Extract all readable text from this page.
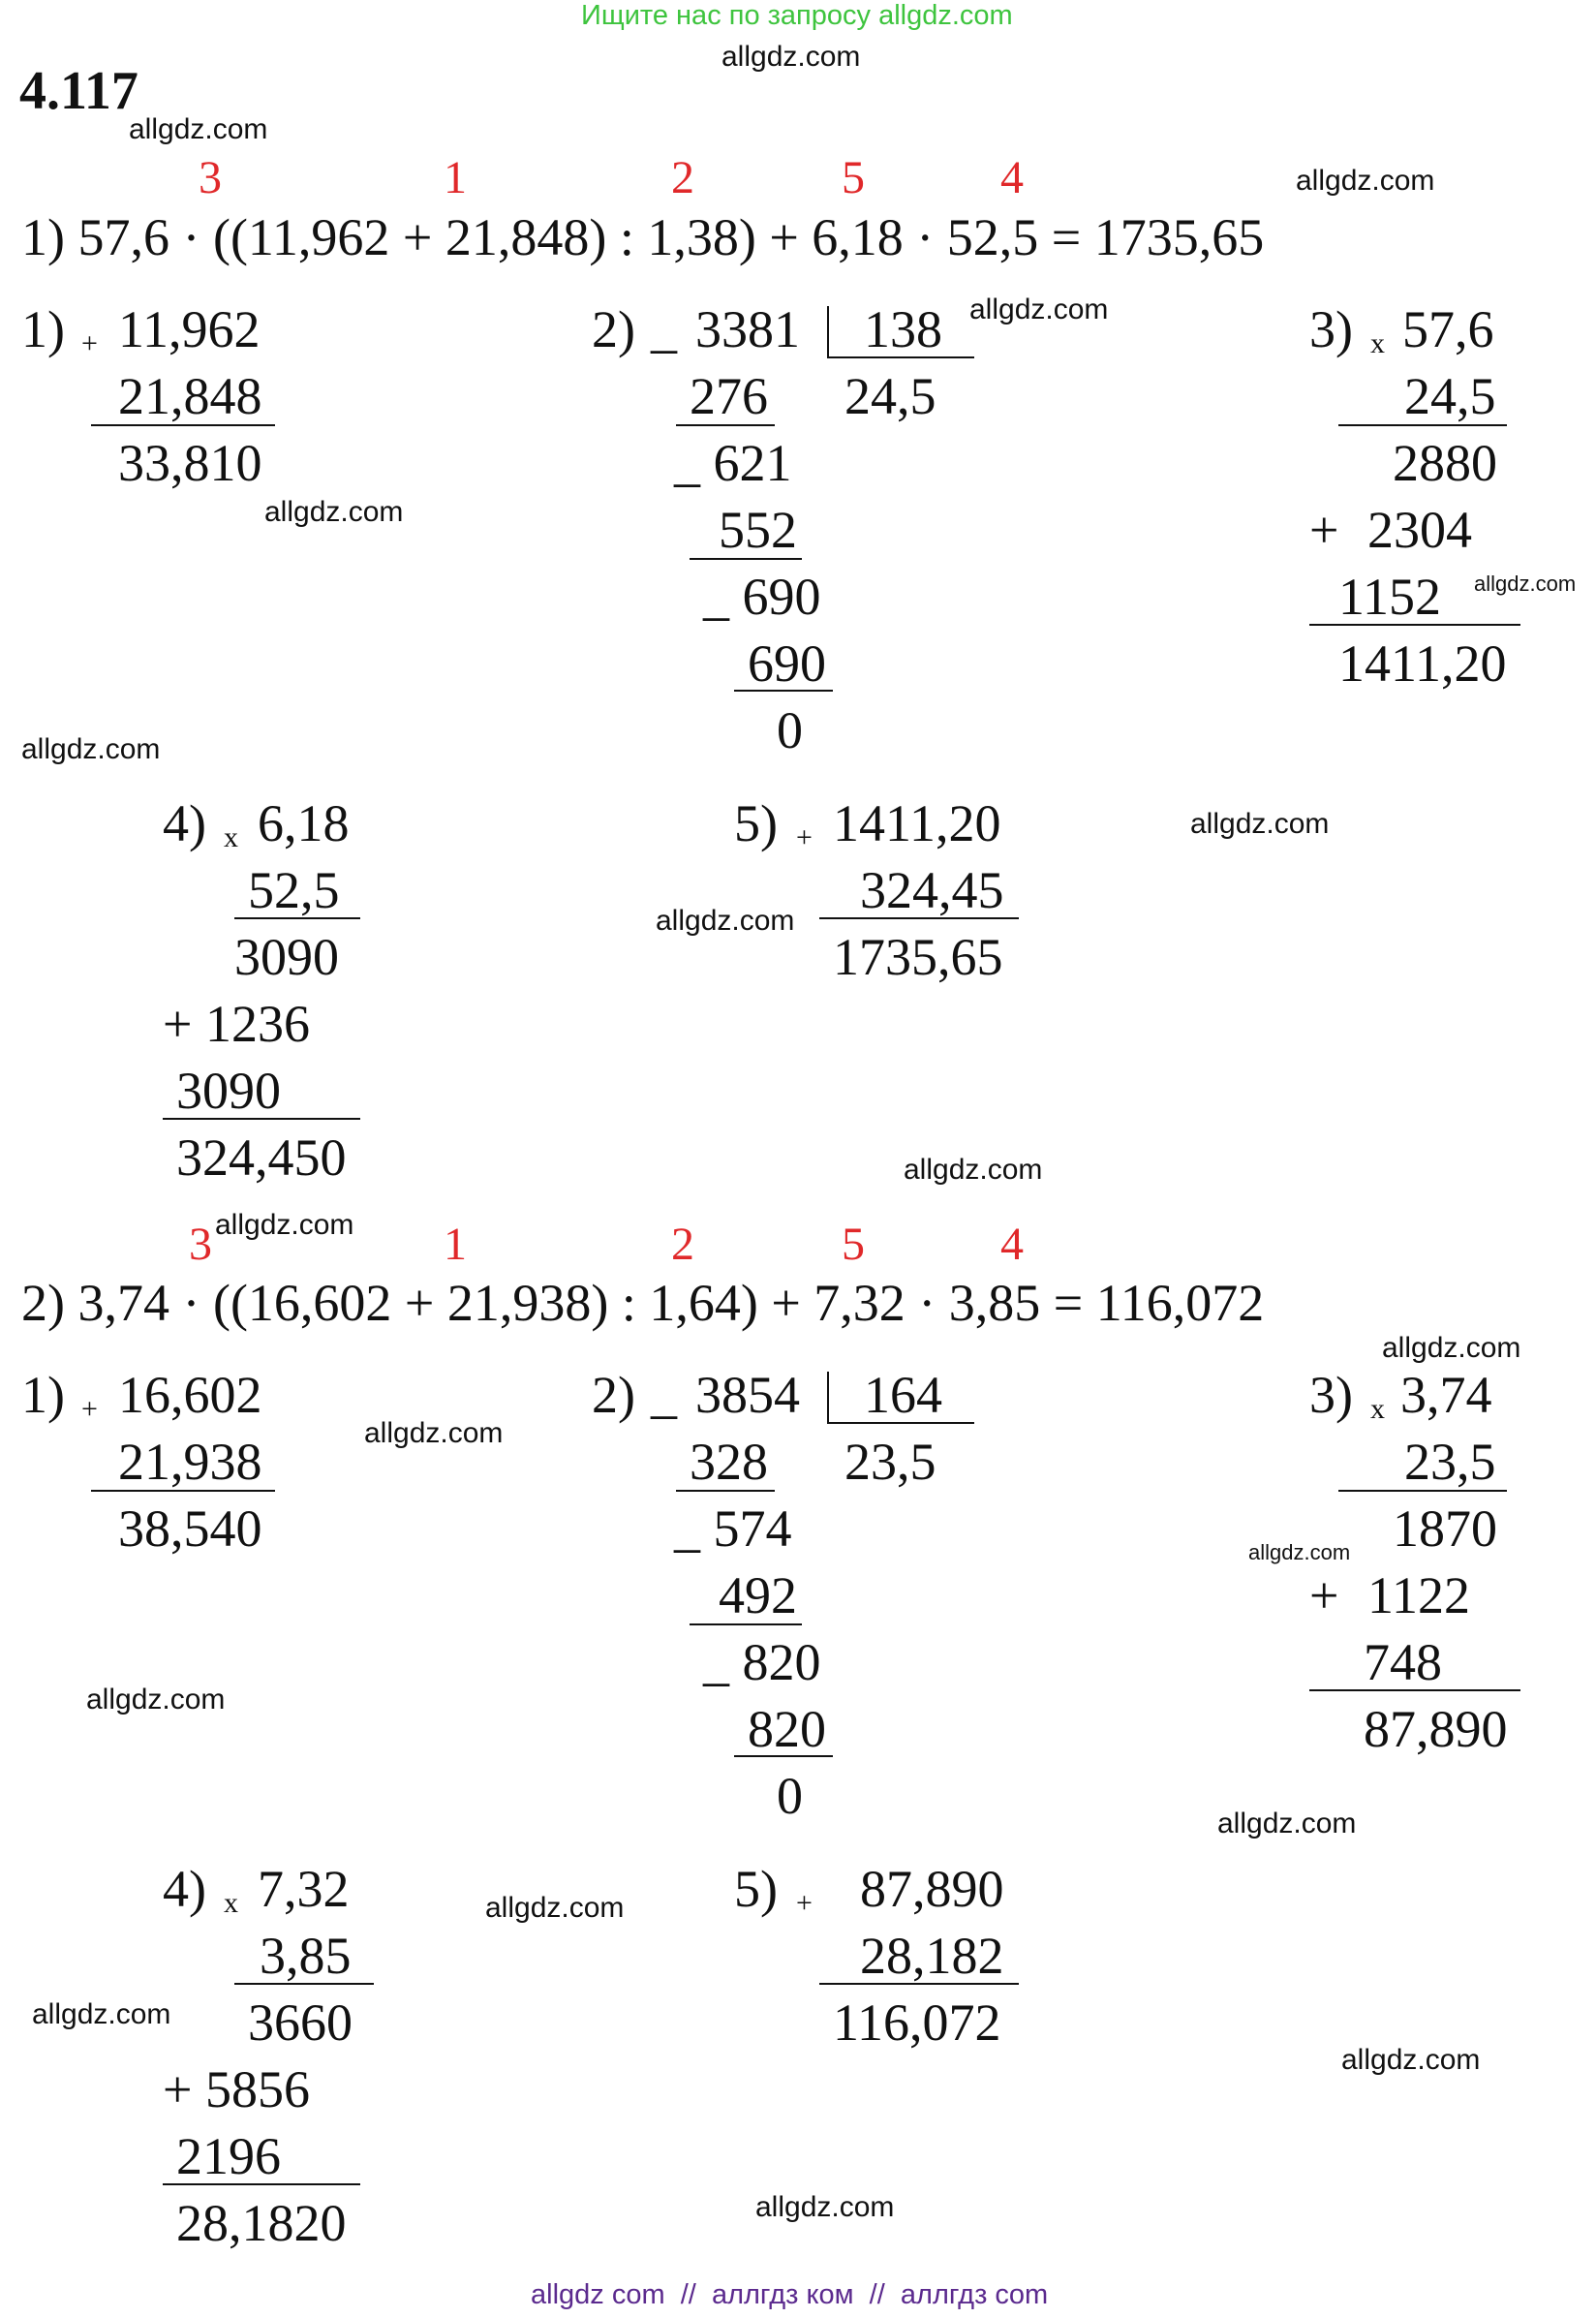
Ищите нас по запросу allgdz.com
allgdz.com
4.117
allgdz.com
3	1	2	5	4	allgdz.com
1) 57,6 · ((11,962 + 21,848) : 1,38) + 6,18 · 52,5 = 1735,65
1) + 11,962
21,848
33,810
allgdz.com
2) _ 3381 138
24,5
allgdz.com
276
_ 621
552
_ 690
690
0
3) x 57,6
24,5
2880
+ 2304
1152 allgdz.com
1411,20
allgdz.com
4) x 6,18
52,5
3090
+ 1236
3090
324,450
5) + 1411,20
324,45
1735,65
allgdz.com
allgdz.com
allgdz.com
3 allgdz.com 1	2	5	4
2) 3,74 · ((16,602 + 21,938) : 1,64) + 7,32 · 3,85 = 116,072
allgdz.com
1) + 16,602
21,938
38,540
allgdz.com
allgdz.com
2) _ 3854 164
23,5
328
_ 574
492
_ 820
820
0
3) x 3,74
23,5
allgdz.com 1870
+ 1122
748
87,890
allgdz.com
4) x 7,32
3,85
3660
+ 5856
2196
28,1820
allgdz.com
allgdz.com 5) + 87,890
28,182
116,072
allgdz.com
allgdz.com
allgdz com  //  аллгдз ком  //  аллгдз com
